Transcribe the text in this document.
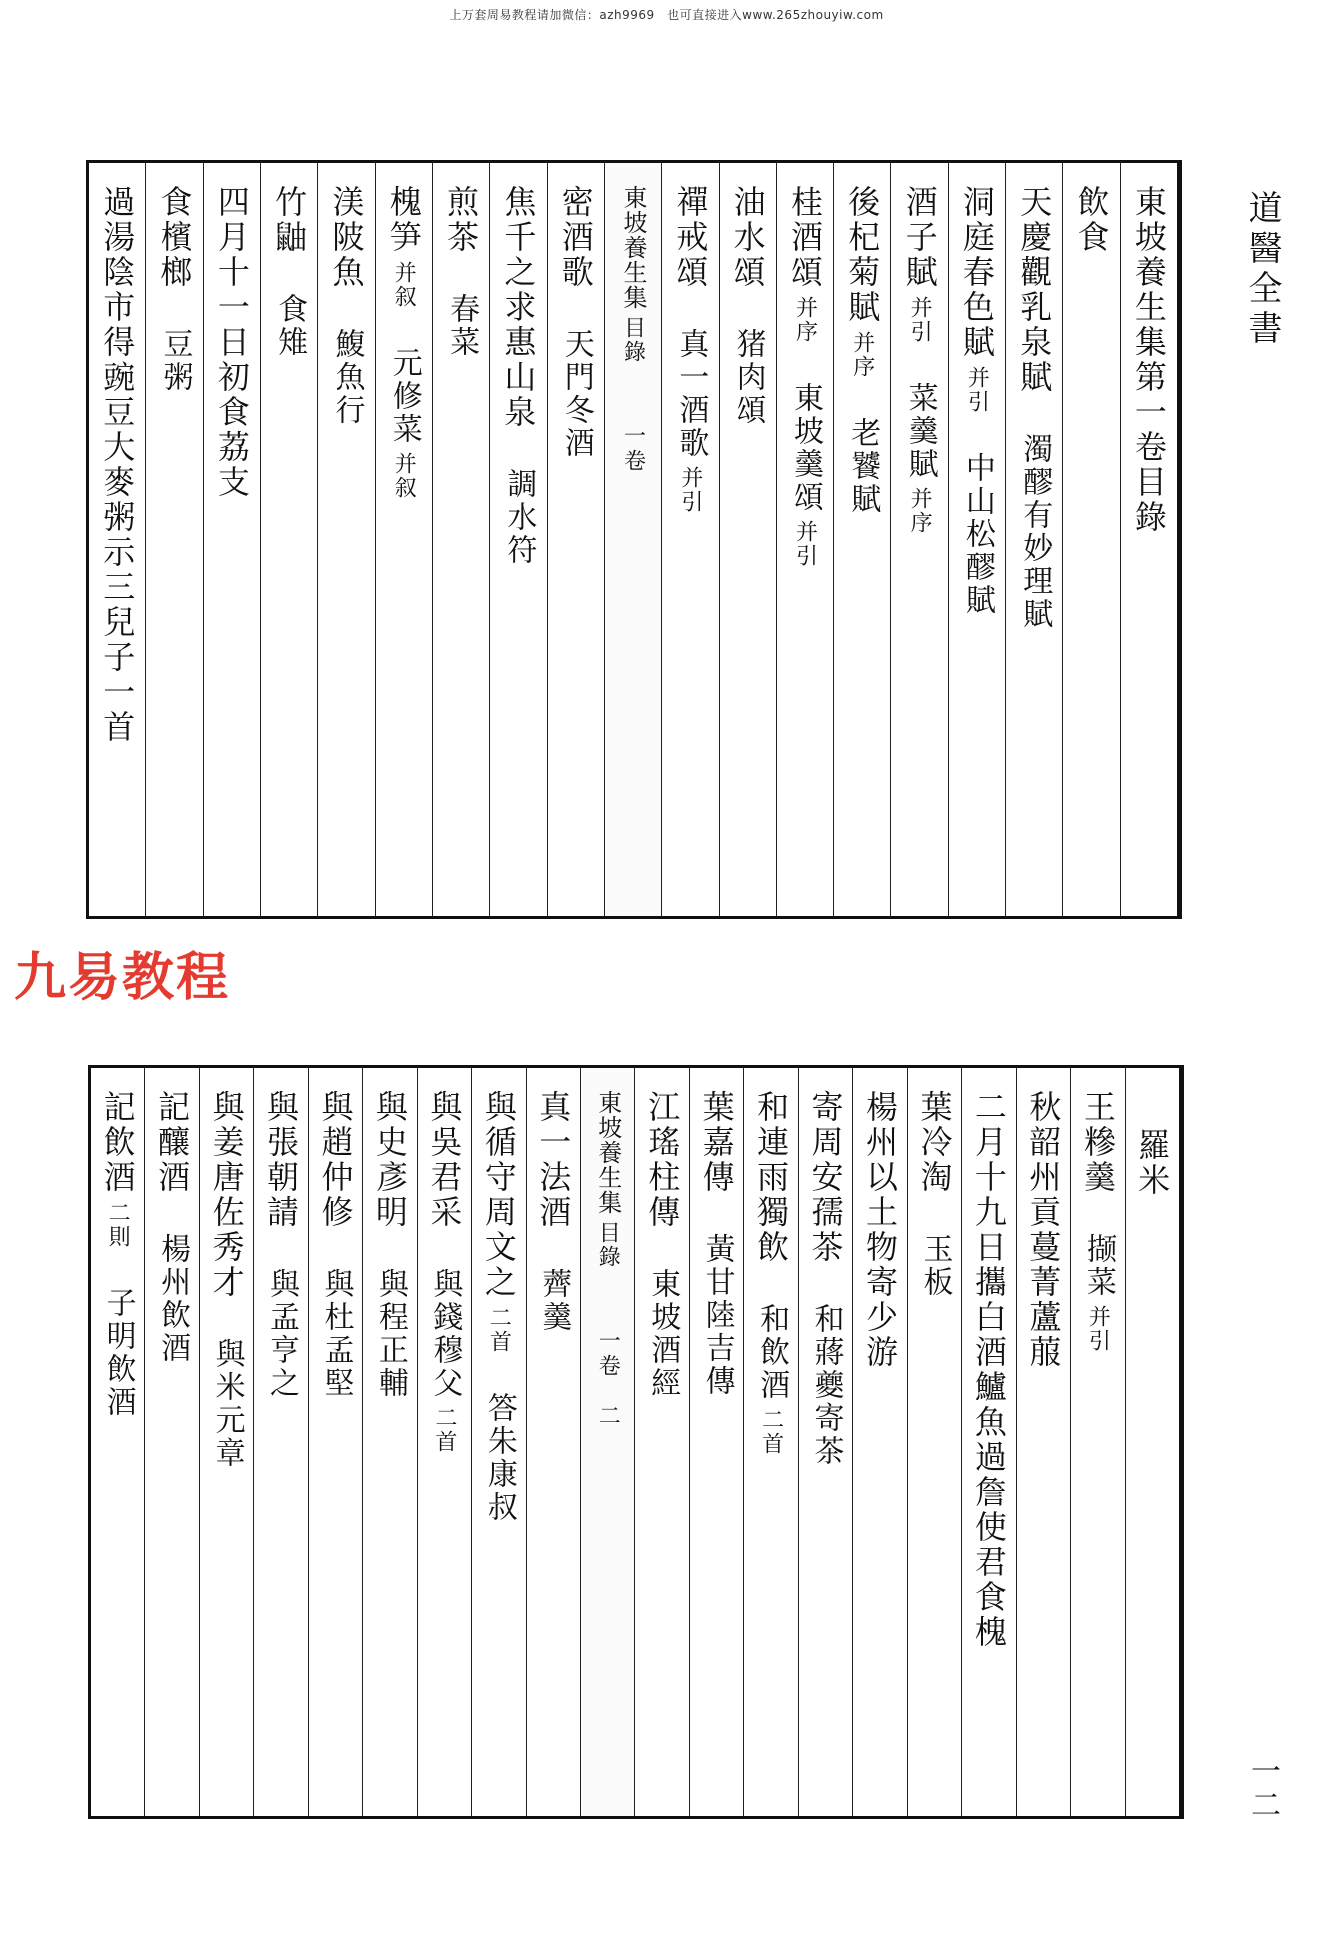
上万套周易教程请加微信：azh9969　也可直接进入www.265zhouyiw.com
道醫全書
東坡養生集第一卷目錄
飲食
天慶觀乳泉賦
濁醪有妙理賦
洞庭春色賦
并引
中山松醪賦
酒子賦
并引
菜羹賦
并序
後杞菊賦
并序
老饕賦
桂酒頌
并序
東坡羹頌
并引
油水頌
猪肉頌
禪戒頌
真一酒歌
并引
東坡養生集
目錄
一卷
密酒歌
天門冬酒
焦千之求惠山泉
調水符
煎茶
春菜
槐笋
并叙
元修菜
并叙
渼陂魚
鰒魚行
竹鼬
食雉
四月十一日初食荔支
食檳榔
豆粥
過湯陰市得豌豆大麥粥示三兒子一首
九易教程
羅米
王糝羹
撷菜
并引
秋韶州貢蔓菁蘆菔
二月十九日攜白酒鱸魚過詹使君食槐
葉冷淘
玉板
楊州以土物寄少游
寄周安孺茶
和蔣夔寄茶
和連雨獨飲
和飲酒
二首
葉嘉傳
黃甘陸吉傳
江瑤柱傳
東坡酒經
東坡養生集
目錄
一卷　二
真一法酒
薺羹
與循守周文之
二首
答朱康叔
與吳君采
與錢穆父
二首
與史彥明
與程正輔
與趙仲修
與杜孟堅
與張朝請
與孟亨之
與姜唐佐秀才
與米元章
記釀酒
楊州飲酒
記飲酒
二則
子明飲酒
一二
